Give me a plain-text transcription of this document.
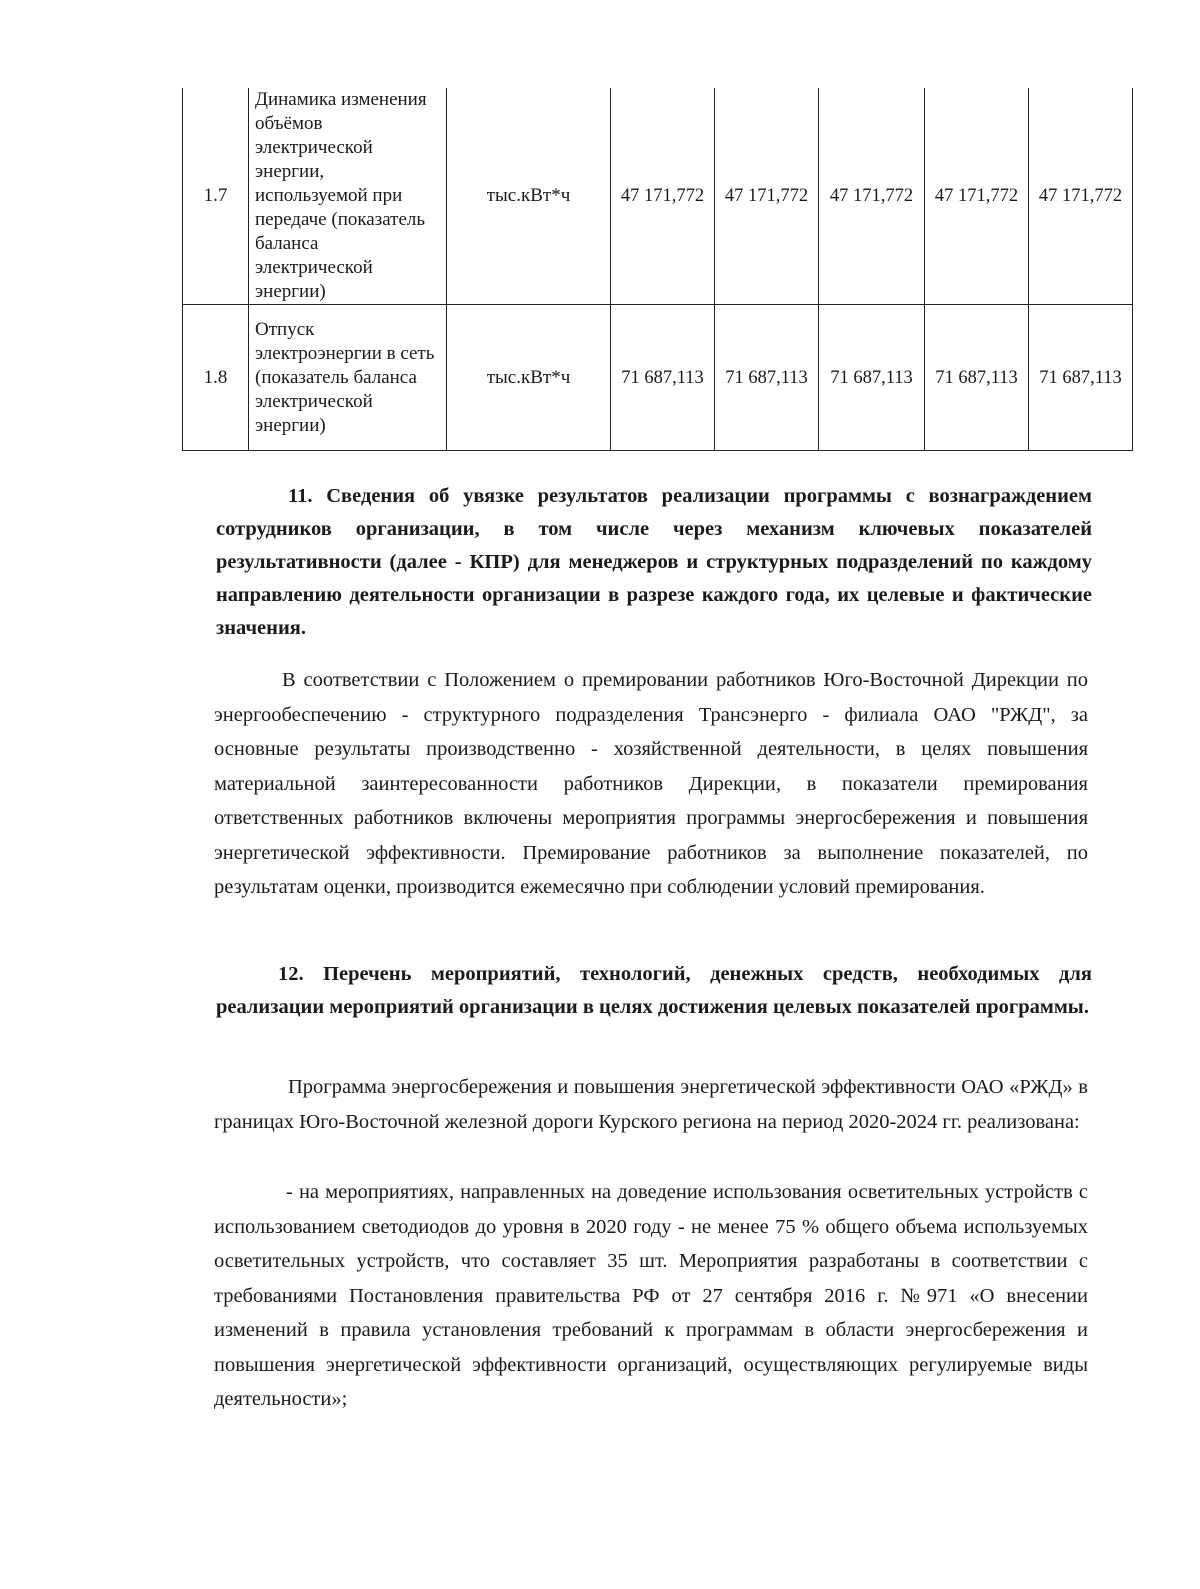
1.7	Динамика изменения объёмов электрической энергии, используемой при передаче (показатель баланса электрической энергии)	тыс.кВт*ч	47 171,772	47 171,772	47 171,772	47 171,772	47 171,772
1.8	Отпуск электроэнергии в сеть (показатель баланса электрической энергии)	тыс.кВт*ч	71 687,113	71 687,113	71 687,113	71 687,113	71 687,113
11. Сведения об увязке результатов реализации программы с вознаграждением сотрудников организации, в том числе через механизм ключевых показателей результативности (далее - КПР) для менеджеров и структурных подразделений по каждому направлению деятельности организации в разрезе каждого года, их целевые и фактические значения.
В соответствии с Положением о премировании работников Юго-Восточной Дирекции по энергообеспечению - структурного подразделения Трансэнерго - филиала ОАО "РЖД", за основные результаты производственно - хозяйственной деятельности, в целях повышения материальной заинтересованности работников Дирекции, в показатели премирования ответственных работников включены мероприятия программы энергосбережения и повышения энергетической эффективности. Премирование работников за выполнение показателей, по результатам оценки, производится ежемесячно при соблюдении условий премирования.
12. Перечень мероприятий, технологий, денежных средств, необходимых для реализации мероприятий организации в целях достижения целевых показателей программы.
Программа энергосбережения и повышения энергетической эффективности ОАО «РЖД» в границах Юго-Восточной железной дороги Курского региона на период 2020-2024 гг. реализована:
- на мероприятиях, направленных на доведение использования осветительных устройств с использованием светодиодов до уровня в 2020 году - не менее 75 % общего объема используемых осветительных устройств, что составляет 35 шт. Мероприятия разработаны в соответствии с требованиями Постановления правительства РФ от 27 сентября 2016 г. №971 «О внесении изменений в правила установления требований к программам в области энергосбережения и повышения энергетической эффективности организаций, осуществляющих регулируемые виды деятельности»;
